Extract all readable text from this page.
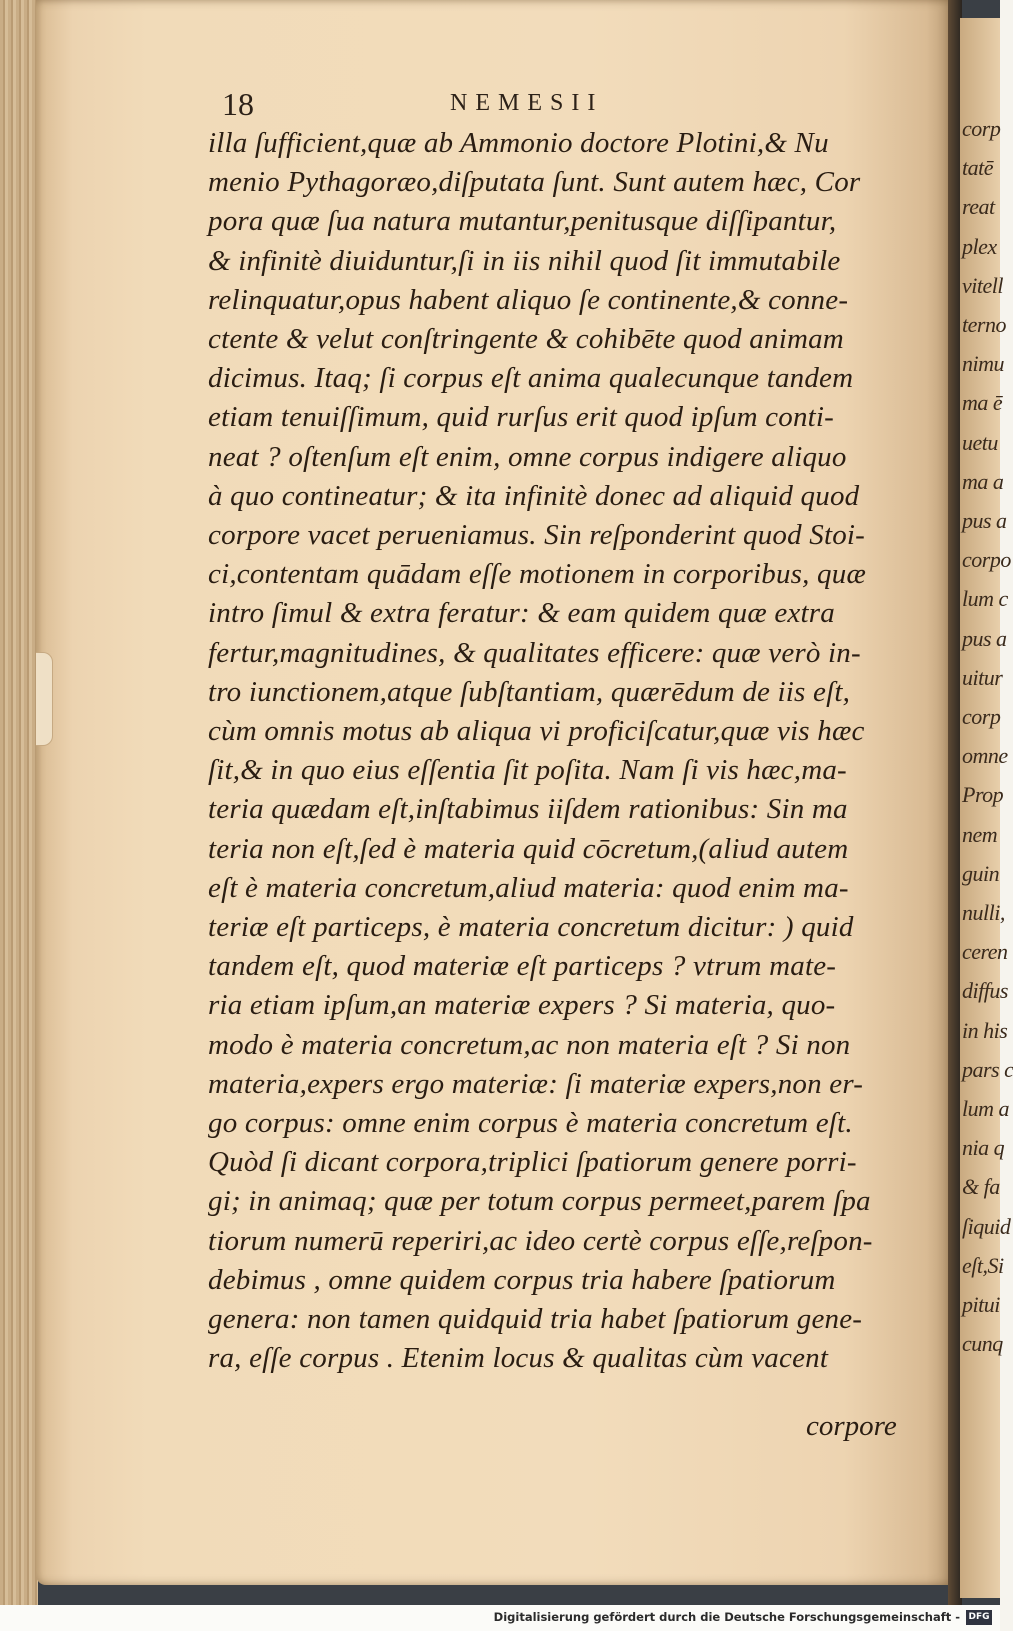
18	NEMESII
illa ſufficient,quæ ab Ammonio doctore Plotini,& Nu
menio Pythagoræo,diſputata ſunt. Sunt autem hæc, Cor
pora quæ ſua natura mutantur,penitusque diſſipantur,
& infinitè diuiduntur,ſi in iis nihil quod ſit immutabile
relinquatur,opus habent aliquo ſe continente,& conne-
ctente & velut conſtringente & cohibēte quod animam
dicimus. Itaq; ſi corpus eſt anima qualecunque tandem
etiam tenuiſſimum, quid rurſus erit quod ipſum conti-
neat ? oſtenſum eſt enim, omne corpus indigere aliquo
à quo contineatur; & ita infinitè donec ad aliquid quod
corpore vacet perueniamus. Sin reſponderint quod Stoi-
ci,contentam quādam eſſe motionem in corporibus, quæ
intro ſimul & extra feratur: & eam quidem quæ extra
fertur,magnitudines, & qualitates efficere: quæ verò in-
tro iunctionem,atque ſubſtantiam, quærēdum de iis eſt,
cùm omnis motus ab aliqua vi proficiſcatur,quæ vis hæc
ſit,& in quo eius eſſentia ſit poſita. Nam ſi vis hæc,ma-
teria quædam eſt,inſtabimus iiſdem rationibus: Sin ma
teria non eſt,ſed è materia quid cōcretum,(aliud autem
eſt è materia concretum,aliud materia: quod enim ma-
teriæ eſt particeps, è materia concretum dicitur: ) quid
tandem eſt, quod materiæ eſt particeps ? vtrum mate-
ria etiam ipſum,an materiæ expers ? Si materia, quo-
modo è materia concretum,ac non materia eſt ? Si non
materia,expers ergo materiæ: ſi materiæ expers,non er-
go corpus: omne enim corpus è materia concretum eſt.
Quòd ſi dicant corpora,triplici ſpatiorum genere porri-
gi; in animaq; quæ per totum corpus permeet,parem ſpa
tiorum numerū reperiri,ac ideo certè corpus eſſe,reſpon-
debimus , omne quidem corpus tria habere ſpatiorum
genera: non tamen quidquid tria habet ſpatiorum gene-
ra, eſſe corpus . Etenim locus & qualitas cùm vacent
corpore
corp
tatē
reat
plex
vitell
terno
nimu
ma ē
uetu
ma a
pus a
corpo
lum c
pus a
uitur
corp
omne
Prop
nem
guin
nulli,
ceren
diffus
in his
pars c
lum a
nia q
& fa
ſiquid
eſt,Si
pitui
cunq
Digitalisierung gefördert durch die Deutsche Forschungsgemeinschaft - DFG
